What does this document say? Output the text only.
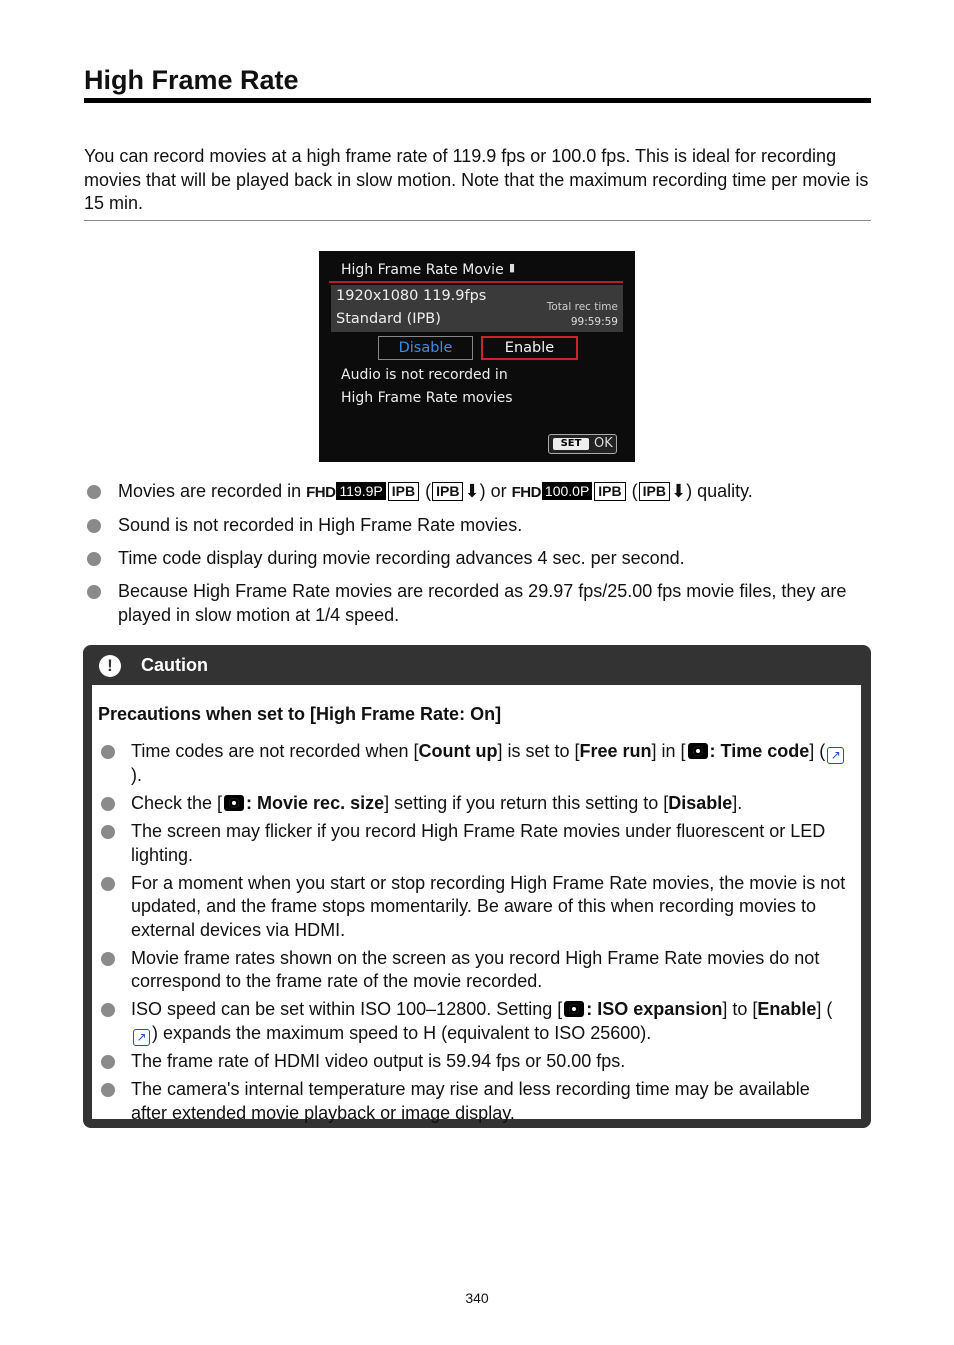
High Frame Rate

You can record movies at a high frame rate of 119.9 fps or 100.0 fps. This is ideal for recording movies that will be played back in slow motion. Note that the maximum recording time per movie is 15 min.

High Frame Rate Movie ▮
1920x1080 119.9fps
Standard (IPB)
Total rec time
99:59:59
Disable	Enable
Audio is not recorded in
High Frame Rate movies
SET OK
Movies are recorded in FHD 119.9P IPB ( IPB ⬇) or FHD 100.0P IPB ( IPB ⬇) quality.
Sound is not recorded in High Frame Rate movies.
Time code display during movie recording advances 4 sec. per second.
Because High Frame Rate movies are recorded as 29.97 fps/25.00 fps movie files, they are played in slow motion at 1/4 speed.
!	Caution
Precautions when set to [High Frame Rate: On]
Time codes are not recorded when [Count up] is set to [Free run] in [ : Time code] ( ↗).
Check the [ : Movie rec. size] setting if you return this setting to [Disable].
The screen may flicker if you record High Frame Rate movies under fluorescent or LED lighting.
For a moment when you start or stop recording High Frame Rate movies, the movie is not updated, and the frame stops momentarily. Be aware of this when recording movies to external devices via HDMI.
Movie frame rates shown on the screen as you record High Frame Rate movies do not correspond to the frame rate of the movie recorded.
ISO speed can be set within ISO 100–12800. Setting [ : ISO expansion] to [Enable] (↗ ) expands the maximum speed to H (equivalent to ISO 25600).
The frame rate of HDMI video output is 59.94 fps or 50.00 fps.
The camera's internal temperature may rise and less recording time may be available after extended movie playback or image display.
340
